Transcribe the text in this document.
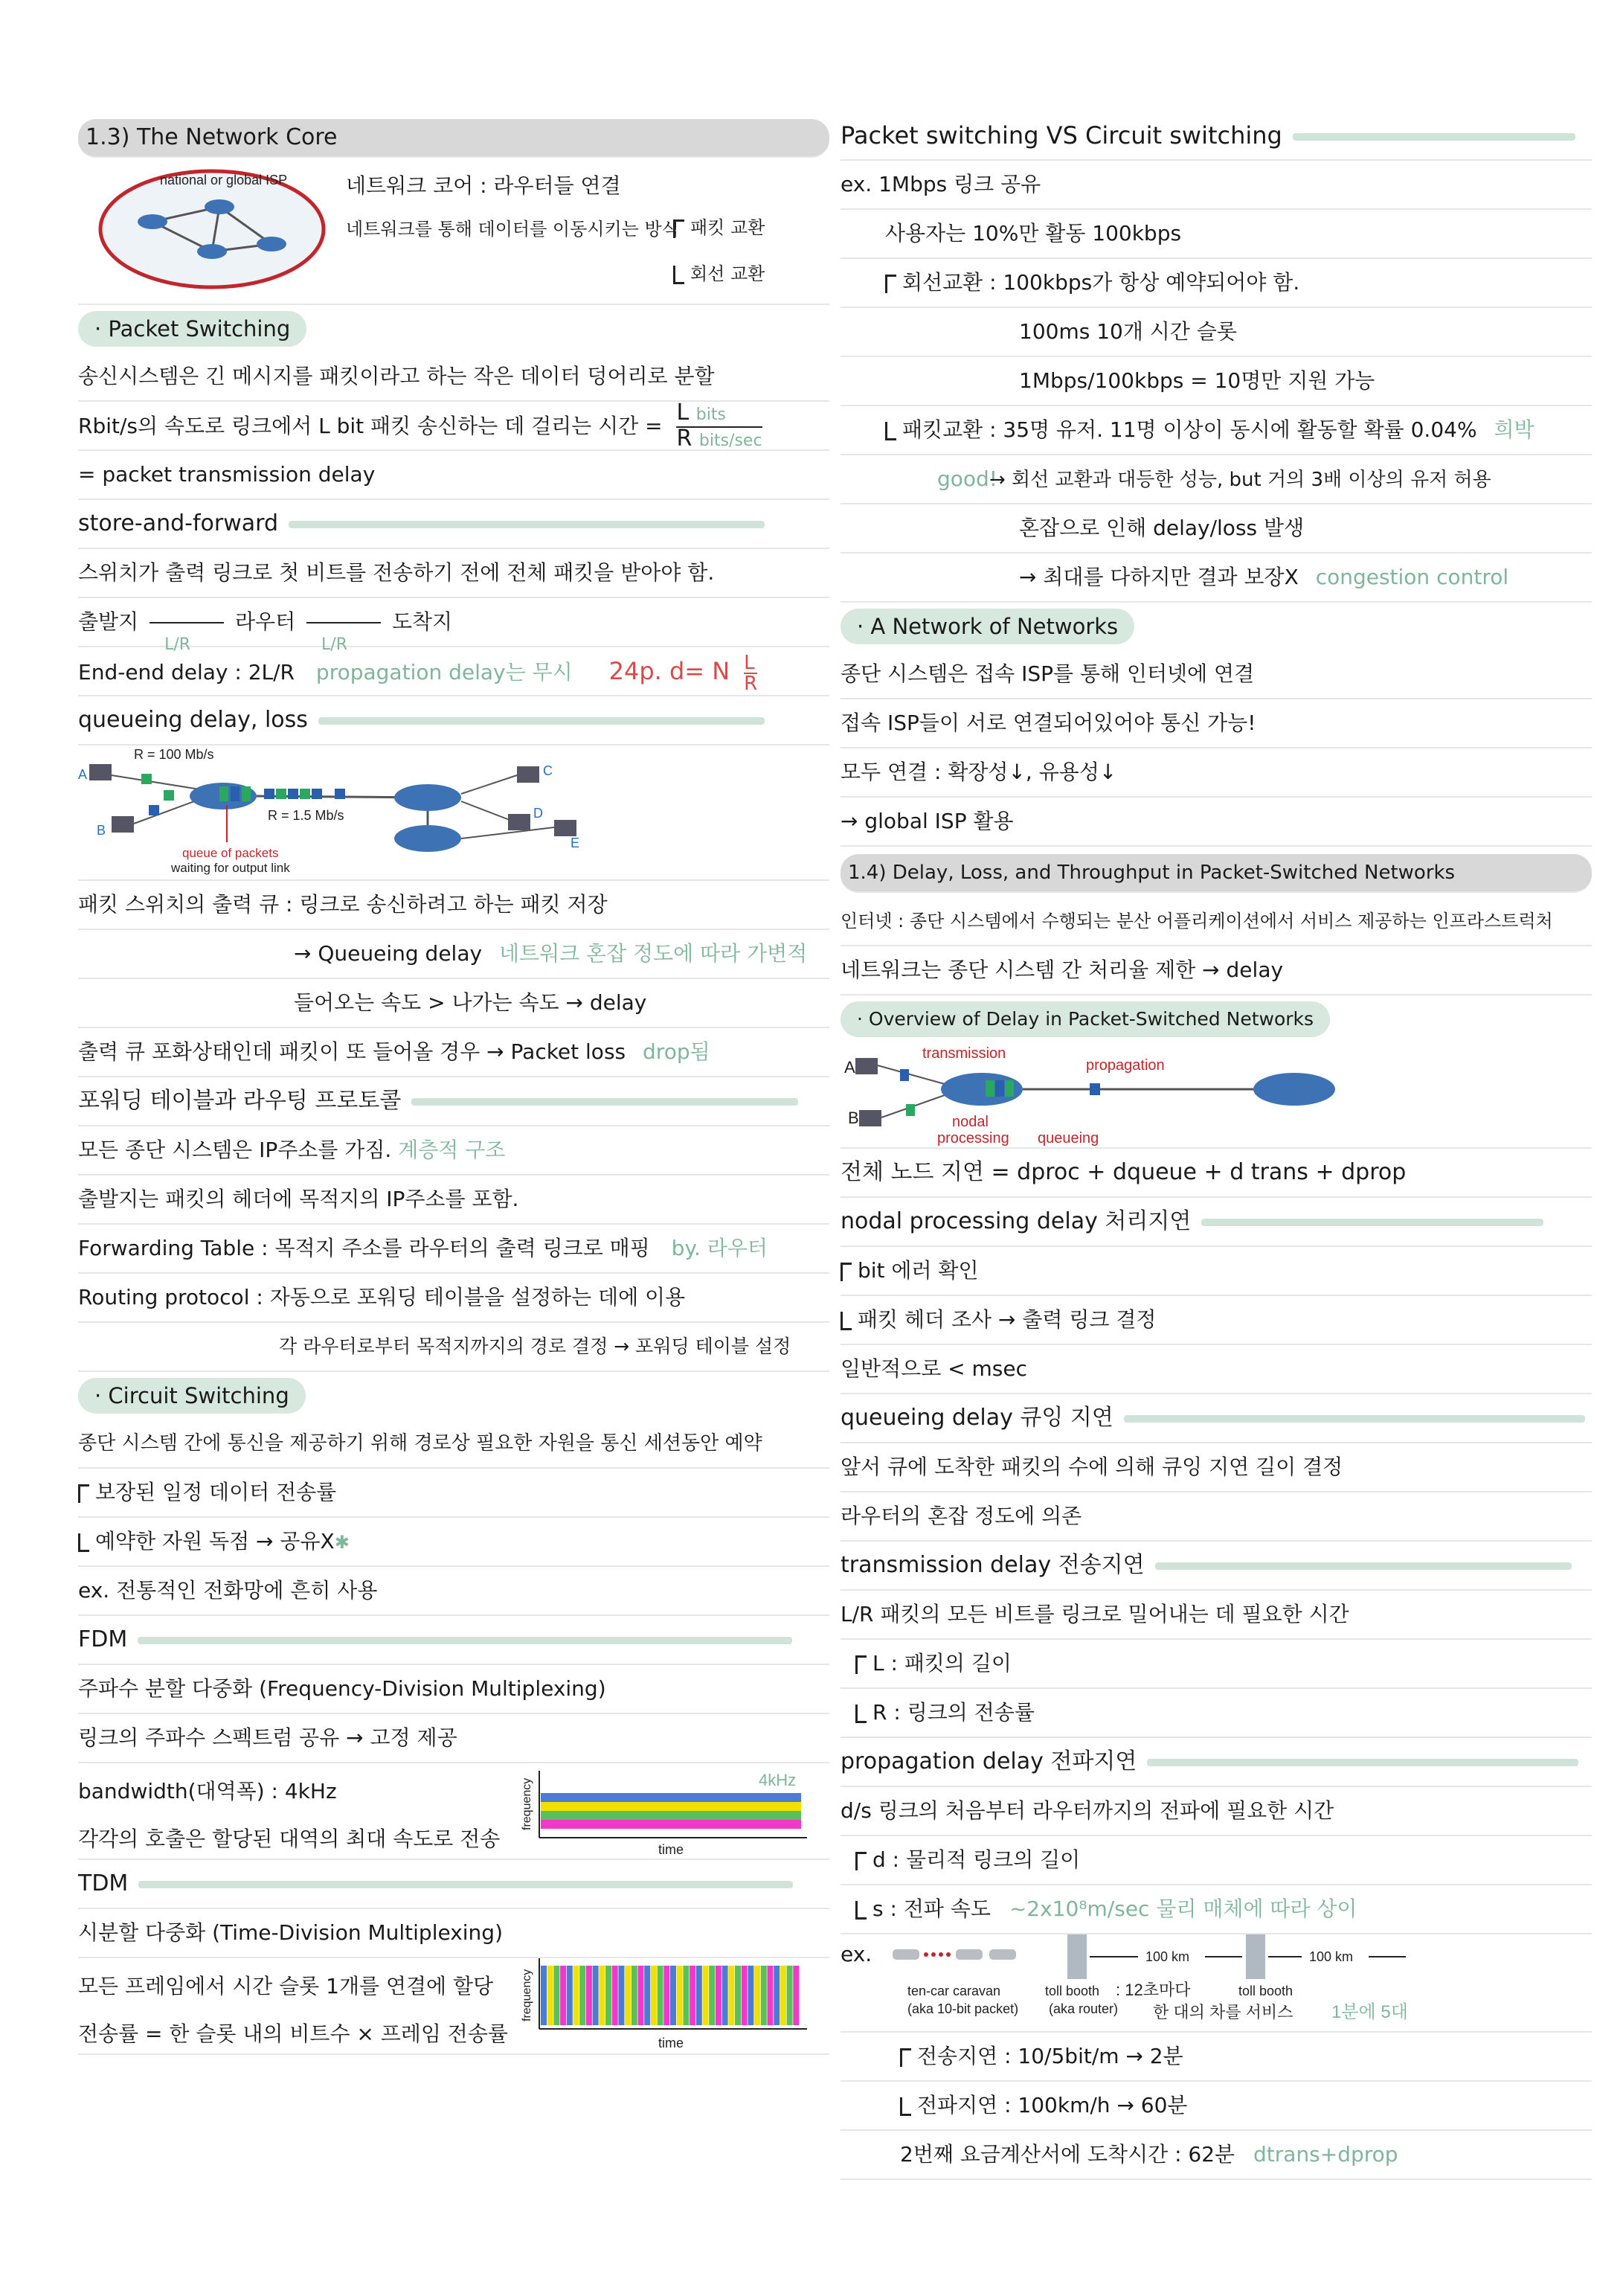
1.3) The Network Core
national or global ISP	네트워크 코어 : 라우터들 연결
네트워크를 통해 데이터를 이동시키는 방식 패킷 교환
회선 교환
· Packet Switching
송신시스템은 긴 메시지를 패킷이라고 하는 작은 데이터 덩어리로 분할
Rbit/s의 속도로 링크에서 L bit 패킷 송신하는 데 걸리는 시간 = $\frac{\text{L bits}}{\text{R bits/sec}}$
= packet transmission delay
store-and-forward
스위치가 출력 링크로 첫 비트를 전송하기 전에 전체 패킷을 받아야 함.
출발지
L/R
라우터
L/R
도착지
End-end delay : 2L/R propagation delay는 무시 24p. d= N $\frac{L}{R}$
queueing delay, loss
A
B
C
D
E
R = 100 Mb/s
R = 1.5 Mb/s
queue of packets
waiting for output link
패킷 스위치의 출력 큐 : 링크로 송신하려고 하는 패킷 저장
→ Queueing delay 네트워크 혼잡 정도에 따라 가변적
들어오는 속도 > 나가는 속도 → delay
출력 큐 포화상태인데 패킷이 또 들어올 경우 → Packet loss drop됨
포워딩 테이블과 라우팅 프로토콜
모든 종단 시스템은 IP주소를 가짐. 계층적 구조
출발지는 패킷의 헤더에 목적지의 IP주소를 포함.
Forwarding Table : 목적지 주소를 라우터의 출력 링크로 매핑 by. 라우터
Routing protocol : 자동으로 포워딩 테이블을 설정하는 데에 이용
각 라우터로부터 목적지까지의 경로 결정 → 포워딩 테이블 설정
· Circuit Switching
종단 시스템 간에 통신을 제공하기 위해 경로상 필요한 자원을 통신 세션동안 예약
보장된 일정 데이터 전송률
예약한 자원 독점 → 공유X✱
ex. 전통적인 전화망에 흔히 사용
FDM
주파수 분할 다중화 (Frequency-Division Multiplexing)
링크의 주파수 스펙트럼 공유 → 고정 제공
bandwidth(대역폭) : 4kHz
각각의 호출은 할당된 대역의 최대 속도로 전송
frequency
time
4kHz
TDM
시분할 다중화 (Time-Division Multiplexing)
모든 프레임에서 시간 슬롯 1개를 연결에 할당
전송률 = 한 슬롯 내의 비트수 × 프레임 전송률
frequency
time
Packet switching VS Circuit switching
ex. 1Mbps 링크 공유
사용자는 10%만 활동 100kbps
회선교환 : 100kbps가 항상 예약되어야 함.
100ms 10개 시간 슬롯
1Mbps/100kbps = 10명만 지원 가능
패킷교환 : 35명 유저. 11명 이상이 동시에 활동할 확률 0.04% 희박
good!→ 회선 교환과 대등한 성능, but 거의 3배 이상의 유저 허용
혼잡으로 인해 delay/loss 발생
→ 최대를 다하지만 결과 보장X congestion control
· A Network of Networks
종단 시스템은 접속 ISP를 통해 인터넷에 연결
접속 ISP들이 서로 연결되어있어야 통신 가능!
모두 연결 : 확장성↓, 유용성↓
→ global ISP 활용
1.4) Delay, Loss, and Throughput in Packet-Switched Networks
인터넷 : 종단 시스템에서 수행되는 분산 어플리케이션에서 서비스 제공하는 인프라스트럭처
네트워크는 종단 시스템 간 처리율 제한 → delay
· Overview of Delay in Packet-Switched Networks
A
B
transmission
propagation
nodal
processing queueing
전체 노드 지연 = dproc + dqueue + d trans + dprop
nodal processing delay 처리지연
bit 에러 확인
패킷 헤더 조사 → 출력 링크 결정
일반적으로 < msec
queueing delay 큐잉 지연
앞서 큐에 도착한 패킷의 수에 의해 큐잉 지연 길이 결정
라우터의 혼잡 정도에 의존
transmission delay 전송지연
L/R 패킷의 모든 비트를 링크로 밀어내는 데 필요한 시간
L : 패킷의 길이
R : 링크의 전송률
propagation delay 전파지연
d/s 링크의 처음부터 라우터까지의 전파에 필요한 시간
d : 물리적 링크의 길이
s : 전파 속도 ~2x10⁸m/sec 물리 매체에 따라 상이
ex.	100 km	100 km
ten-car caravan
(aka 10-bit packet)
toll booth
(aka router)
: 12초마다
한 대의 차를 서비스
toll booth
1분에 5대
전송지연 : 10/5bit/m → 2분
전파지연 : 100km/h → 60분
2번째 요금계산서에 도착시간 : 62분 dtrans+dprop
